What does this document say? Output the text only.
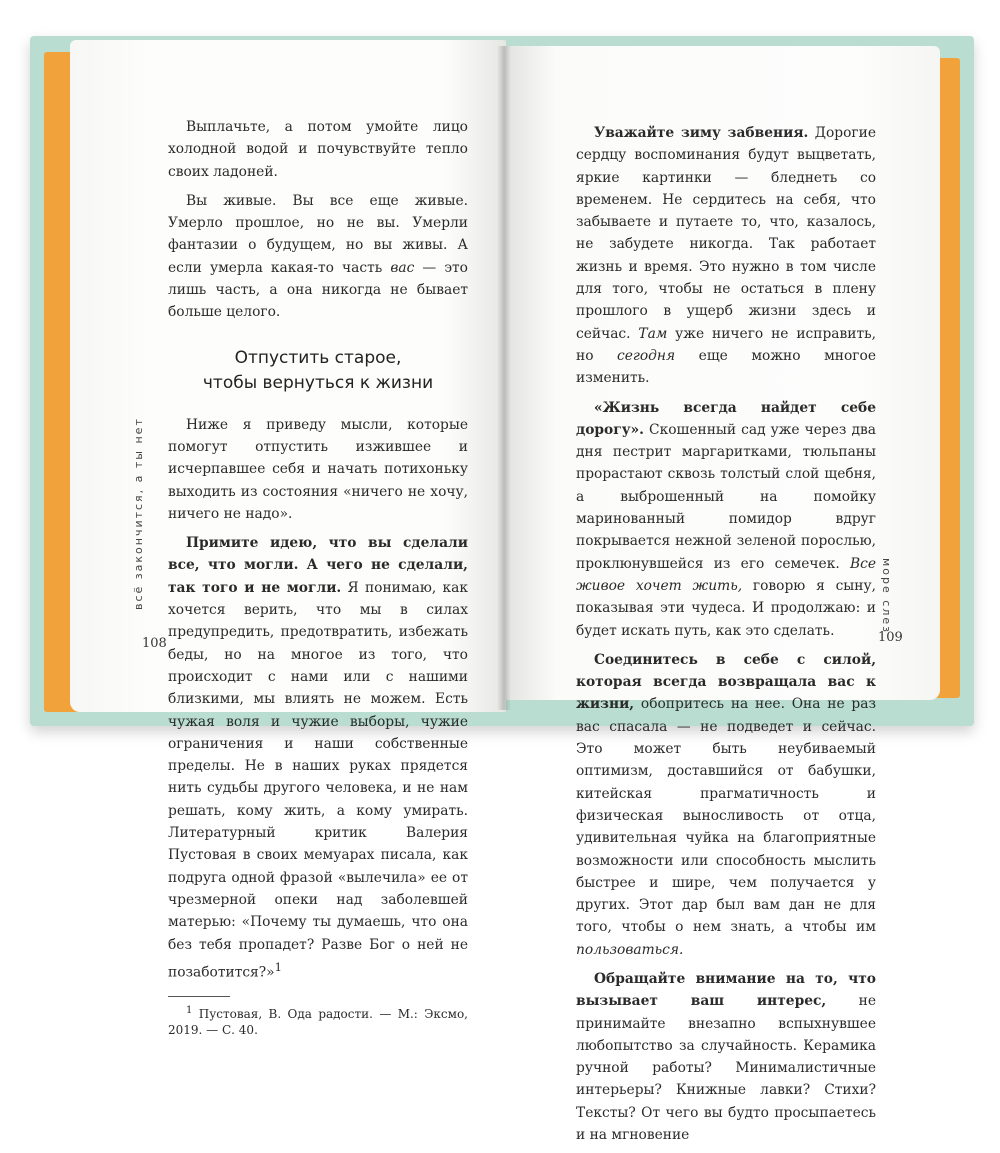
Выплачьте, а потом умойте лицо холодной водой и почувствуйте тепло своих ладоней.

Вы живые. Вы все еще живые. Умерло прошлое, но не вы. Умерли фантазии о будущем, но вы живы. А если умерла какая-то часть вас — это лишь часть, а она никогда не бывает больше целого.

Отпустить старое,
чтобы вернуться к жизни

Ниже я приведу мысли, которые помогут отпустить изжившее и исчерпавшее себя и начать потихоньку выходить из состояния «ничего не хочу, ничего не надо».

Примите идею, что вы сделали все, что могли. А чего не сделали, так того и не могли. Я понимаю, как хочется верить, что мы в силах предупредить, предотвратить, избежать беды, но на многое из того, что происходит с нами или с нашими близкими, мы влиять не можем. Есть чужая воля и чужие выборы, чужие ограничения и наши собственные пределы. Не в наших руках прядется нить судьбы другого человека, и не нам решать, кому жить, а кому умирать. Литературный критик Валерия Пустовая в своих мемуарах писала, как подруга одной фразой «вылечила» ее от чрезмерной опеки над заболевшей матерью: «Почему ты думаешь, что она без тебя пропадет? Разве Бог о ней не позаботится?»$^1$

$^1$ Пустовая, В. Ода радости. — М.: Эксмо, 2019. — С. 40.

Уважайте зиму забвения. Дорогие сердцу воспоминания будут выцветать, яркие картинки — бледнеть со временем. Не сердитесь на себя, что забываете и путаете то, что, казалось, не забудете никогда. Так работает жизнь и время. Это нужно в том числе для того, чтобы не остаться в плену прошлого в ущерб жизни здесь и сейчас. Там уже ничего не исправить, но сегодня еще можно многое изменить.

«Жизнь всегда найдет себе дорогу». Скошенный сад уже через два дня пестрит маргаритками, тюльпаны прорастают сквозь толстый слой щебня, а выброшенный на помойку маринованный помидор вдруг покрывается нежной зеленой порослью, проклюнувшейся из его семечек. Все живое хочет жить, говорю я сыну, показывая эти чудеса. И продолжаю: и будет искать путь, как это сделать.

Соединитесь в себе с силой, которая всегда возвращала вас к жизни, обопритесь на нее. Она не раз вас спасала — не подведет и сейчас. Это может быть неубиваемый оптимизм, доставшийся от бабушки, китейская прагматичность и физическая выносливость от отца, удивительная чуйка на благоприятные возможности или способность мыслить быстрее и шире, чем получается у других. Этот дар был вам дан не для того, чтобы о нем знать, а чтобы им пользоваться.

Обращайте внимание на то, что вызывает ваш интерес, не принимайте внезапно вспыхнувшее любопытство за случайность. Керамика ручной работы? Минималистичные интерьеры? Книжные лавки? Стихи? Тексты? От чего вы будто просыпаетесь и на мгновение

всё закончится, а ты нет
108
море слез
109
